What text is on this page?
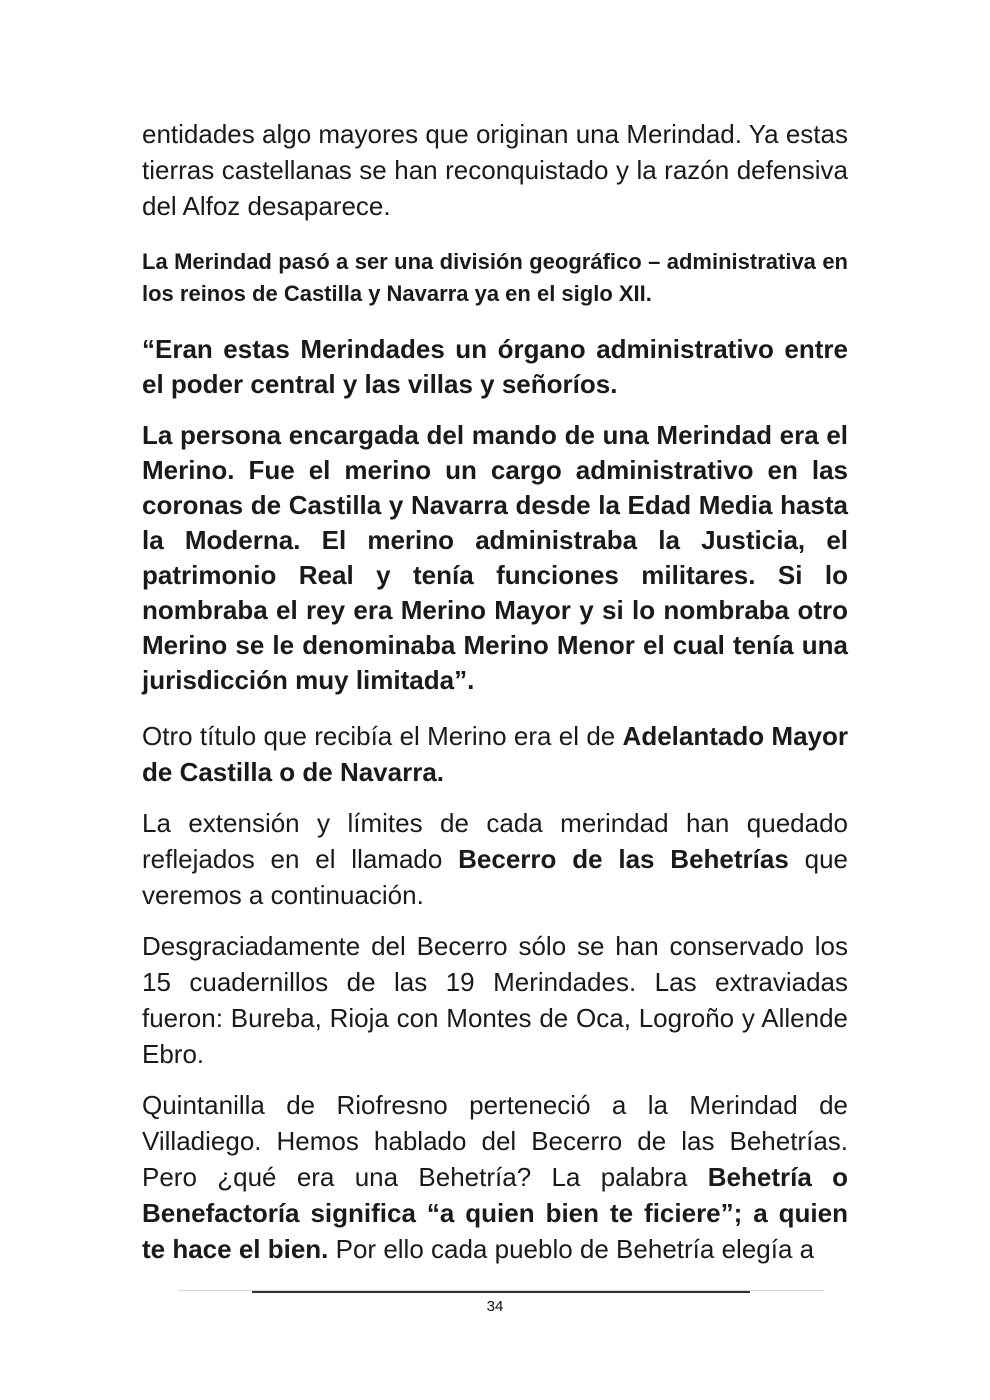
entidades algo mayores que originan una Merindad. Ya estas tierras castellanas se han reconquistado y la razón defensiva del Alfoz desaparece.

La Merindad pasó a ser una división geográfico – administrativa en los reinos de Castilla y Navarra ya en el siglo XII.

“Eran estas Merindades un órgano administrativo entre el poder central y las villas y señoríos.

La persona encargada del mando de una Merindad era el Merino. Fue el merino un cargo administrativo en las coronas de Castilla y Navarra desde la Edad Media hasta la Moderna. El merino administraba la Justicia, el patrimonio Real y tenía funciones militares. Si lo nombraba el rey era Merino Mayor y si lo nombraba otro Merino se le denominaba Merino Menor el cual tenía una jurisdicción muy limitada”.

Otro título que recibía el Merino era el de Adelantado Mayor de Castilla o de Navarra.

La extensión y límites de cada merindad han quedado reflejados en el llamado Becerro de las Behetrías que veremos a continuación.

Desgraciadamente del Becerro sólo se han conservado los 15 cuadernillos de las 19 Merindades. Las extraviadas fueron: Bureba, Rioja con Montes de Oca, Logroño y Allende Ebro.

Quintanilla de Riofresno perteneció a la Merindad de Villadiego. Hemos hablado del Becerro de las Behetrías. Pero ¿qué era una Behetría? La palabra Behetría o Benefactoría significa “a quien bien te ficiere”; a quien te hace el bien. Por ello cada pueblo de Behetría elegía a

34
